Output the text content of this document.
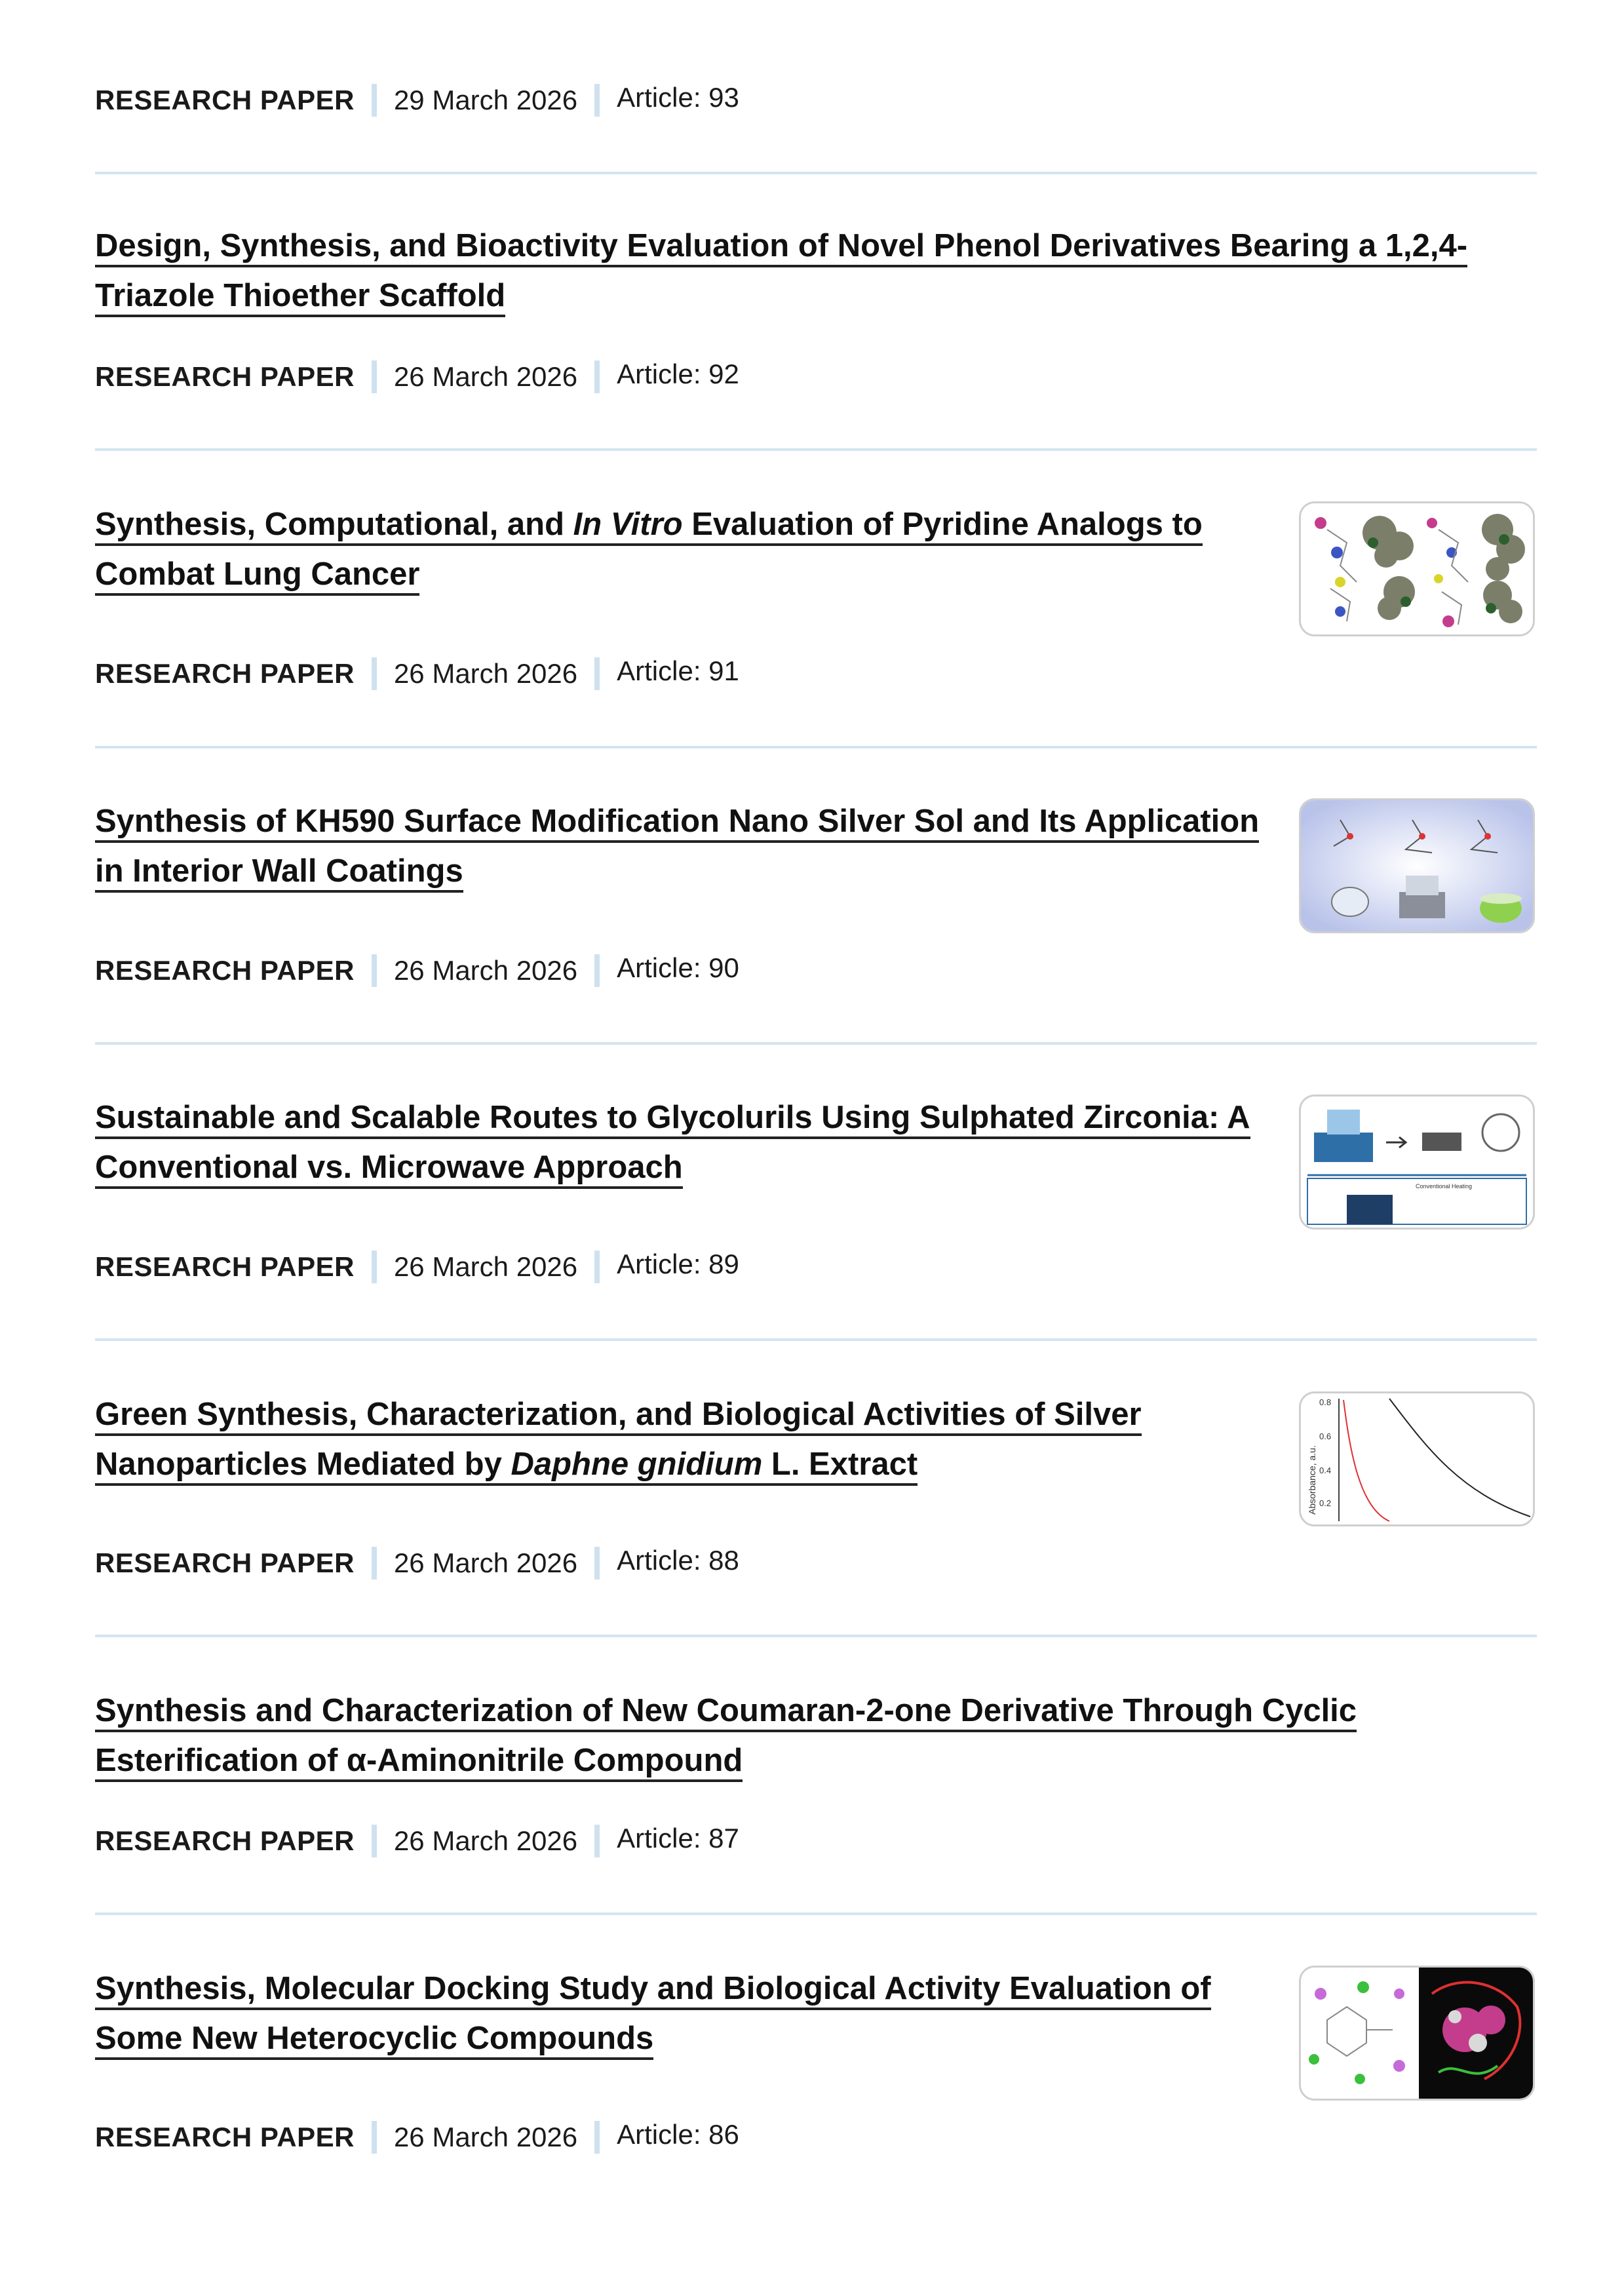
RESEARCH PAPER 29 March 2026 Article: 93
Design, Synthesis, and Bioactivity Evaluation of Novel Phenol Derivatives Bearing a 1,2,4-Triazole Thioether Scaffold
RESEARCH PAPER 26 March 2026 Article: 92
Synthesis, Computational, and In Vitro Evaluation of Pyridine Analogs to Combat Lung Cancer
RESEARCH PAPER 26 March 2026 Article: 91
Synthesis of KH590 Surface Modification Nano Silver Sol and Its Application in Interior Wall Coatings
RESEARCH PAPER 26 March 2026 Article: 90
Sustainable and Scalable Routes to Glycolurils Using Sulphated Zirconia: A Conventional vs. Microwave Approach
Conventional Heating
RESEARCH PAPER 26 March 2026 Article: 89
Green Synthesis, Characterization, and Biological Activities of Silver Nanoparticles Mediated by Daphne gnidium L. Extract	Absorbance, a.u.
0.8
0.6
0.4
0.2
RESEARCH PAPER 26 March 2026 Article: 88
Synthesis and Characterization of New Coumaran-2-one Derivative Through Cyclic Esterification of α-Aminonitrile Compound
RESEARCH PAPER 26 March 2026 Article: 87
Synthesis, Molecular Docking Study and Biological Activity Evaluation of Some New Heterocyclic Compounds
RESEARCH PAPER 26 March 2026 Article: 86
